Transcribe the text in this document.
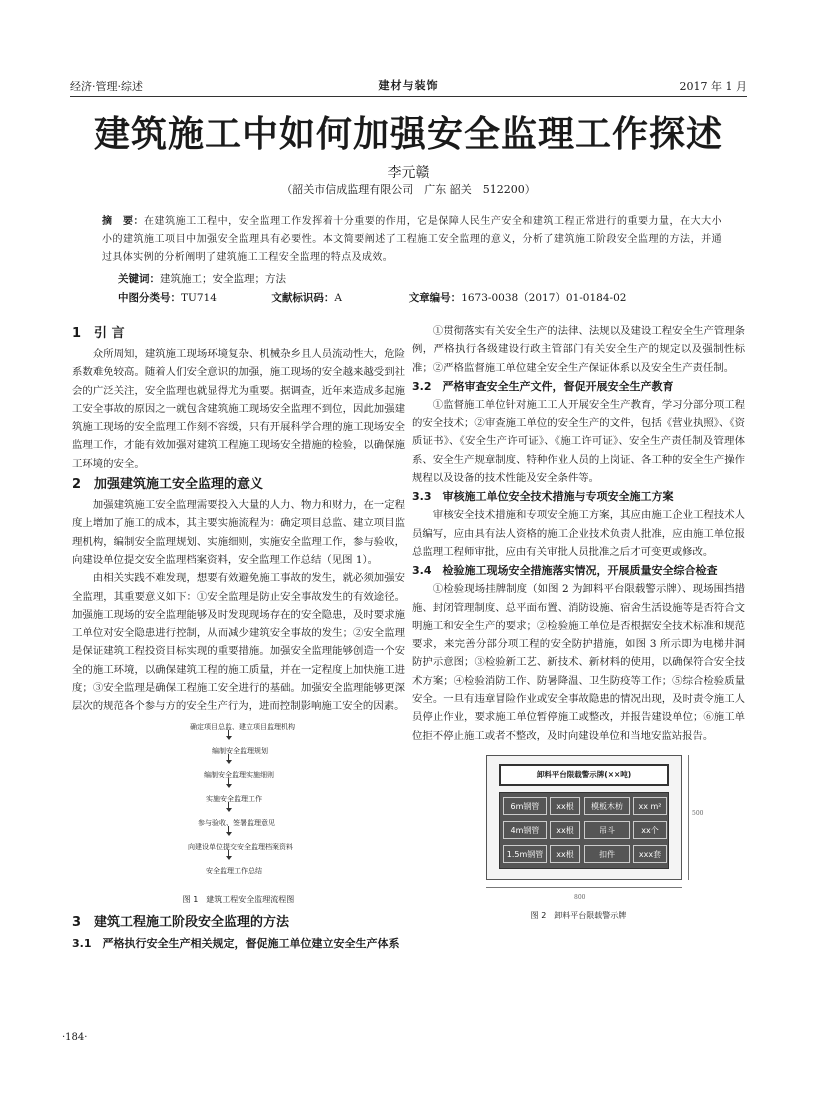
经济·管理·综述	建材与装饰	2017 年 1 月
建筑施工中如何加强安全监理工作探述
李元赣
（韶关市信成监理有限公司　广东 韶关　512200）
摘　要：在建筑施工工程中，安全监理工作发挥着十分重要的作用，它是保障人民生产安全和建筑工程正常进行的重要力量，在大大小小的建筑施工项目中加强安全监理具有必要性。本文简要阐述了工程施工安全监理的意义，分析了建筑施工阶段安全监理的方法，并通过具体实例的分析阐明了建筑施工工程安全监理的特点及成效。
关键词：建筑施工；安全监理；方法
中图分类号：TU714	文献标识码：A	文章编号：1673-0038（2017）01-0184-02
1　引 言

众所周知，建筑施工现场环境复杂、机械杂乡且人员流动性大，危险系数难免较高。随着人们安全意识的加强，施工现场的安全越来越受到社会的广泛关注，安全监理也就显得尤为重要。据调查，近年来造成多起施工安全事故的原因之一就包含建筑施工现场安全监理不到位，因此加强建筑施工现场的安全监理工作刻不容缓，只有开展科学合理的施工现场安全监理工作，才能有效加强对建筑工程施工现场安全措施的检验，以确保施工环境的安全。

2　加强建筑施工安全监理的意义

加强建筑施工安全监理需要投入大量的人力、物力和财力，在一定程度上增加了施工的成本，其主要实施流程为：确定项目总监、建立项目监理机构，编制安全监理规划、实施细则，实施安全监理工作，参与验收，向建设单位提交安全监理档案资料，安全监理工作总结（见图 1）。

由相关实践不难发现，想要有效避免施工事故的发生，就必须加强安全监理，其重要意义如下：①安全监理是防止安全事故发生的有效途径。加强施工现场的安全监理能够及时发现现场存在的安全隐患，及时要求施工单位对安全隐患进行控制，从而减少建筑安全事故的发生；②安全监理是保证建筑工程投资目标实现的重要措施。加强安全监理能够创造一个安全的施工环境，以确保建筑工程的施工质量，并在一定程度上加快施工进度；③安全监理是确保工程施工安全进行的基础。加强安全监理能够更深层次的规范各个参与方的安全生产行为，进而控制影响施工安全的因素。

确定项目总监、建立项目监理机构
编制安全监理规划
编制安全监理实施细则
实施安全监理工作
参与验收、签署监理意见
向建设单位提交安全监理档案资料
安全监理工作总结
图 1　建筑工程安全监理流程图
3　建筑工程施工阶段安全监理的方法
3.1　严格执行安全生产相关规定，督促施工单位建立安全生产体系

①贯彻落实有关安全生产的法律、法规以及建设工程安全生产管理条例，严格执行各级建设行政主管部门有关安全生产的规定以及强制性标准；②严格监督施工单位建全安全生产保证体系以及安全生产责任制。

3.2　严格审查安全生产文件，督促开展安全生产教育

①监督施工单位针对施工工人开展安全生产教育，学习分部分项工程的安全技术；②审查施工单位的安全生产的文件，包括《营业执照》、《资质证书》、《安全生产许可证》、《施工许可证》、安全生产责任制及管理体系、安全生产规章制度、特种作业人员的上岗证、各工种的安全生产操作规程以及设备的技术性能及安全条件等。

3.3　审核施工单位安全技术措施与专项安全施工方案

审核安全技术措施和专项安全施工方案，其应由施工企业工程技术人员编写，应由具有法人资格的施工企业技术负责人批准，应由施工单位报总监理工程师审批，应由有关审批人员批准之后才可变更或修改。

3.4　检验施工现场安全措施落实情况，开展质量安全综合检查

①检验现场挂牌制度（如图 2 为卸料平台限载警示牌）、现场围挡措施、封闭管理制度、总平面布置、消防设施、宿舍生活设施等是否符合文明施工和安全生产的要求；②检验施工单位是否根据安全技术标准和规范要求，来完善分部分项工程的安全防护措施，如图 3 所示即为电梯井洞防护示意图；③检验新工艺、新技术、新材料的使用，以确保符合安全技术方案；④检验消防工作、防暑降温、卫生防疫等工作；⑤综合检验质量安全。一旦有违章冒险作业或安全事故隐患的情况出现，及时责令施工人员停止作业，要求施工单位暂停施工或整改，并报告建设单位；⑥施工单位拒不停止施工或者不整改，及时向建设单位和当地安监站报告。

卸料平台限载警示牌(××吨)
6m钢管	xx根	模板木枋	xx m²
4m钢管	xx根	吊斗	xx个
1.5m钢管	xx根	扣件	xxx套
500
800
图 2　卸料平台限载警示牌
·184·
